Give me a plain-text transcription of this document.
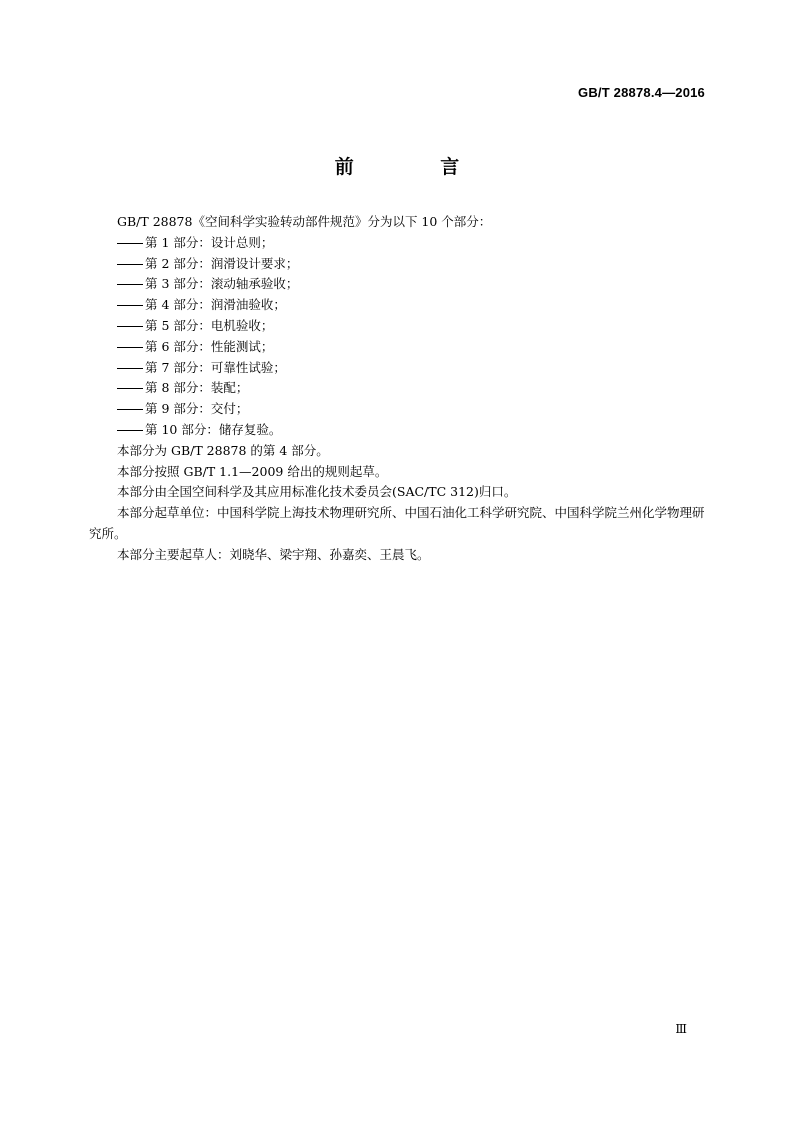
GB/T 28878.4—2016
前 言

GB/T 28878《空间科学实验转动部件规范》分为以下 10 个部分：

第 1 部分：设计总则；

第 2 部分：润滑设计要求；

第 3 部分：滚动轴承验收；

第 4 部分：润滑油验收；

第 5 部分：电机验收；

第 6 部分：性能测试；

第 7 部分：可靠性试验；

第 8 部分：装配；

第 9 部分：交付；

第 10 部分：储存复验。

本部分为 GB/T 28878 的第 4 部分。

本部分按照 GB/T 1.1—2009 给出的规则起草。

本部分由全国空间科学及其应用标准化技术委员会(SAC/TC 312)归口。

本部分起草单位：中国科学院上海技术物理研究所、中国石油化工科学研究院、中国科学院兰州化学物理研究所。

本部分主要起草人：刘晓华、梁宇翔、孙嘉奕、王晨飞。

Ⅲ
